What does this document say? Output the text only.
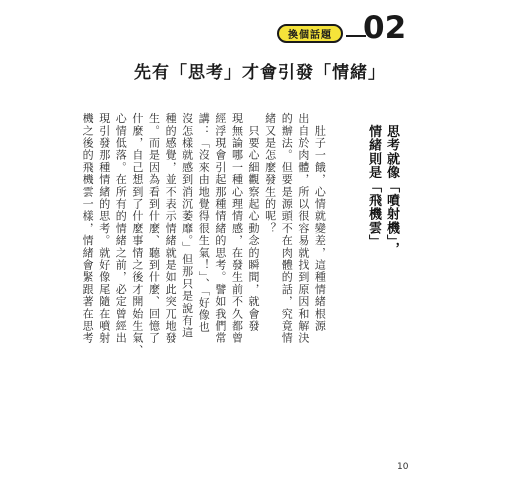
換個話題	02
先有「思考」才會引發「情緒」

思考就像「噴射機」，
情緒則是「飛機雲」

10

　肚子一餓，心情就變差，這種情緒根源
出自於肉體，所以很容易就找到原因和解決
的辦法。但要是源頭不在肉體的話，究竟情
緒又是怎麼發生的呢？
　只要心細觀察起心動念的瞬間，就會發
現無論哪一種心理情感，在發生前不久都曾
經浮現會引起那種情緒的思考。譬如我們常
講：「沒來由地覺得很生氣！」、「好像也
沒怎樣就感到消沉萎靡。」但那只是說有這
種的感覺，並不表示情緒就是如此突兀地發
生。而是因為看到什麼、聽到什麼、回憶了
什麼，自己想到了什麼事情之後才開始生氣、
心情低落。在所有的情緒之前，必定曾經出
現引發那種情緒的思考。就好像尾隨在噴射
機之後的飛機雲一樣，情緒會緊跟著在思考
